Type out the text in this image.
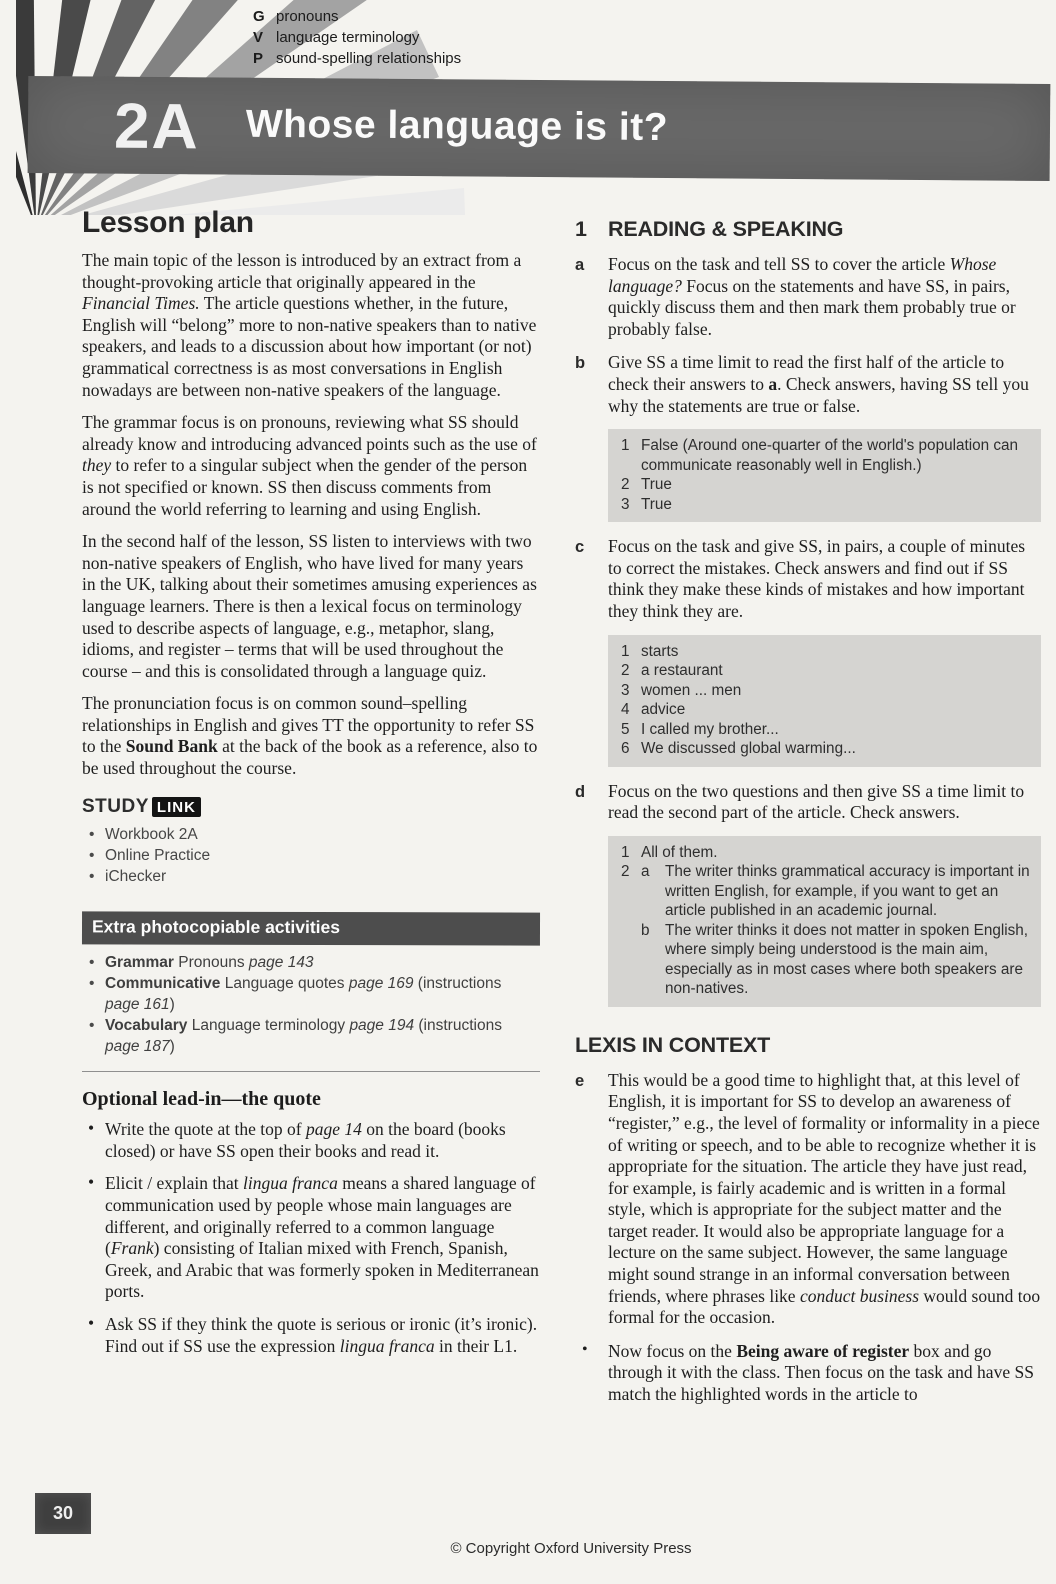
G pronouns
V language terminology
P sound-spelling relationships
2A Whose language is it?
Lesson plan

The main topic of the lesson is introduced by an extract from a thought-provoking article that originally appeared in the Financial Times. The article questions whether, in the future, English will “belong” more to non-native speakers than to native speakers, and leads to a discussion about how important (or not) grammatical correctness is as most conversations in English nowadays are between non-native speakers of the language.

The grammar focus is on pronouns, reviewing what SS should already know and introducing advanced points such as the use of they to refer to a singular subject when the gender of the person is not specified or known. SS then discuss comments from around the world referring to learning and using English.

In the second half of the lesson, SS listen to interviews with two non-native speakers of English, who have lived for many years in the UK, talking about their sometimes amusing experiences as language learners. There is then a lexical focus on terminology used to describe aspects of language, e.g., metaphor, slang, idioms, and register – terms that will be used throughout the course – and this is consolidated through a language quiz.

The pronunciation focus is on common sound–spelling relationships in English and gives TT the opportunity to refer SS to the Sound Bank at the back of the book as a reference, also to be used throughout the course.

STUDY LINK
• Workbook 2A
• Online Practice
• iChecker
Extra photocopiable activities
• Grammar Pronouns page 143
• Communicative Language quotes page 169 (instructions page 161)
• Vocabulary Language terminology page 194 (instructions page 187)
Optional lead-in—the quote
• Write the quote at the top of page 14 on the board (books closed) or have SS open their books and read it.
• Elicit / explain that lingua franca means a shared language of communication used by people whose main languages are different, and originally referred to a common language (Frank) consisting of Italian mixed with French, Spanish, Greek, and Arabic that was formerly spoken in Mediterranean ports.
• Ask SS if they think the quote is serious or ironic (it’s ironic). Find out if SS use the expression lingua franca in their L1.
1 READING & SPEAKING
a	Focus on the task and tell SS to cover the article Whose language? Focus on the statements and have SS, in pairs, quickly discuss them and then mark them probably true or probably false.

b	Give SS a time limit to read the first half of the article to check their answers to a. Check answers, having SS tell you why the statements are true or false.

1 False (Around one-quarter of the world's population can communicate reasonably well in English.)

2 True

3 True

c	Focus on the task and give SS, in pairs, a couple of minutes to correct the mistakes. Check answers and find out if SS think they make these kinds of mistakes and how important they think they are.

1 starts

2 a restaurant

3 women ... men

4 advice

5 I called my brother...

6 We discussed global warming...

d	Focus on the two questions and then give SS a time limit to read the second part of the article. Check answers.

1 All of them.

2 a	The writer thinks grammatical accuracy is important in written English, for example, if you want to get an article published in an academic journal.

b	The writer thinks it does not matter in spoken English, where simply being understood is the main aim, especially as in most cases where both speakers are non-natives.

LEXIS IN CONTEXT
e	This would be a good time to highlight that, at this level of English, it is important for SS to develop an awareness of “register,” e.g., the level of formality or informality in a piece of writing or speech, and to be able to recognize whether it is appropriate for the situation. The article they have just read, for example, is fairly academic and is written in a formal style, which is appropriate for the subject matter and the target reader. It would also be appropriate language for a lecture on the same subject. However, the same language might sound strange in an informal conversation between friends, where phrases like conduct business would sound too formal for the occasion.

•

Now focus on the Being aware of register box and go through it with the class. Then focus on the task and have SS match the highlighted words in the article to

30
© Copyright Oxford University Press
